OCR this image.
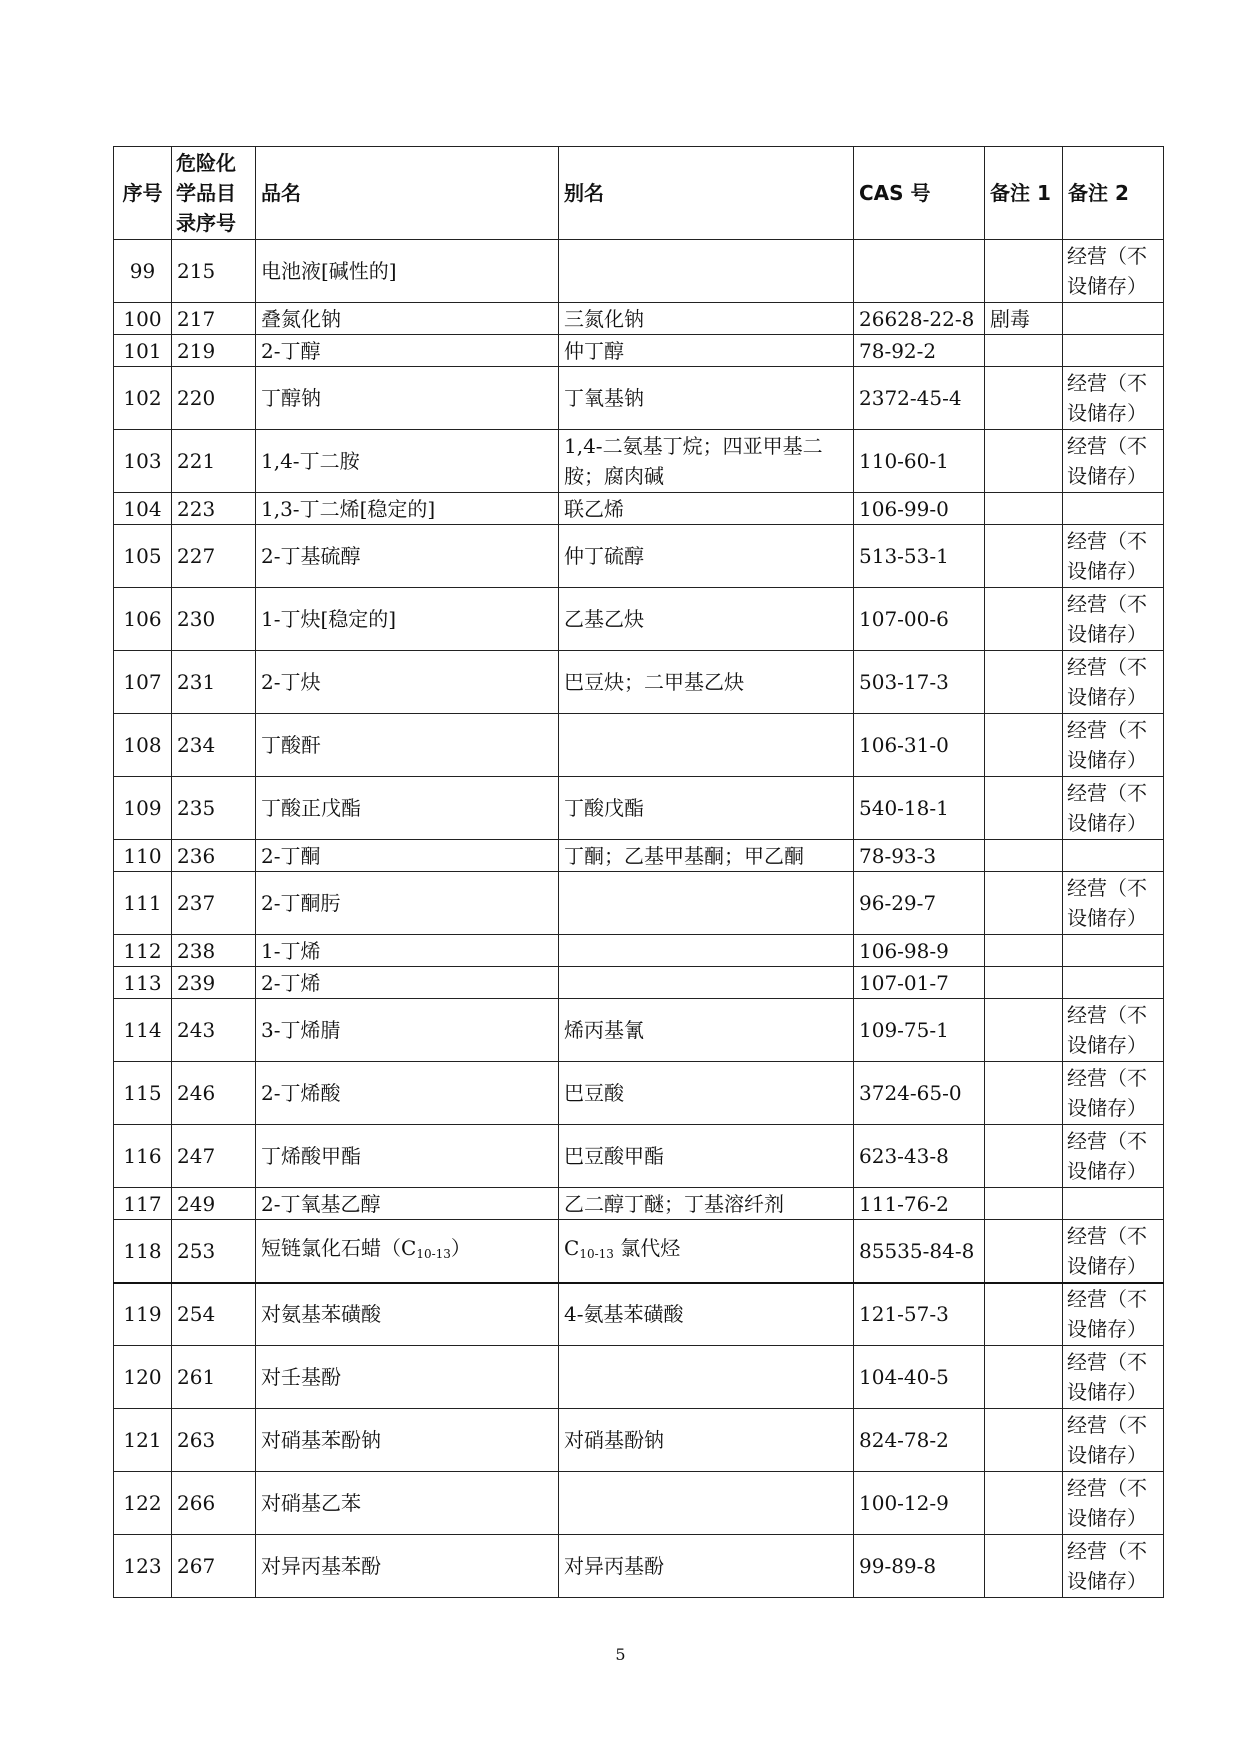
序号	危险化学品目录序号	品名	别名	CAS 号	备注 1	备注 2
99	215	电池液[碱性的]				经营（不设储存）
100	217	叠氮化钠	三氮化钠	26628-22-8	剧毒	
101	219	2-丁醇	仲丁醇	78-92-2		
102	220	丁醇钠	丁氧基钠	2372-45-4		经营（不设储存）
103	221	1,4-丁二胺	1,4-二氨基丁烷；四亚甲基二胺；腐肉碱	110-60-1		经营（不设储存）
104	223	1,3-丁二烯[稳定的]	联乙烯	106-99-0		
105	227	2-丁基硫醇	仲丁硫醇	513-53-1		经营（不设储存）
106	230	1-丁炔[稳定的]	乙基乙炔	107-00-6		经营（不设储存）
107	231	2-丁炔	巴豆炔；二甲基乙炔	503-17-3		经营（不设储存）
108	234	丁酸酐		106-31-0		经营（不设储存）
109	235	丁酸正戊酯	丁酸戊酯	540-18-1		经营（不设储存）
110	236	2-丁酮	丁酮；乙基甲基酮；甲乙酮	78-93-3		
111	237	2-丁酮肟		96-29-7		经营（不设储存）
112	238	1-丁烯		106-98-9		
113	239	2-丁烯		107-01-7		
114	243	3-丁烯腈	烯丙基氰	109-75-1		经营（不设储存）
115	246	2-丁烯酸	巴豆酸	3724-65-0		经营（不设储存）
116	247	丁烯酸甲酯	巴豆酸甲酯	623-43-8		经营（不设储存）
117	249	2-丁氧基乙醇	乙二醇丁醚；丁基溶纤剂	111-76-2		
118	253	短链氯化石蜡$(C_{10-13})$	$C_{10-13}$ 氯代烃	85535-84-8		经营（不设储存）
119	254	对氨基苯磺酸	4-氨基苯磺酸	121-57-3		经营（不设储存）
120	261	对壬基酚		104-40-5		经营（不设储存）
121	263	对硝基苯酚钠	对硝基酚钠	824-78-2		经营（不设储存）
122	266	对硝基乙苯		100-12-9		经营（不设储存）
123	267	对异丙基苯酚	对异丙基酚	99-89-8		经营（不设储存）
5
